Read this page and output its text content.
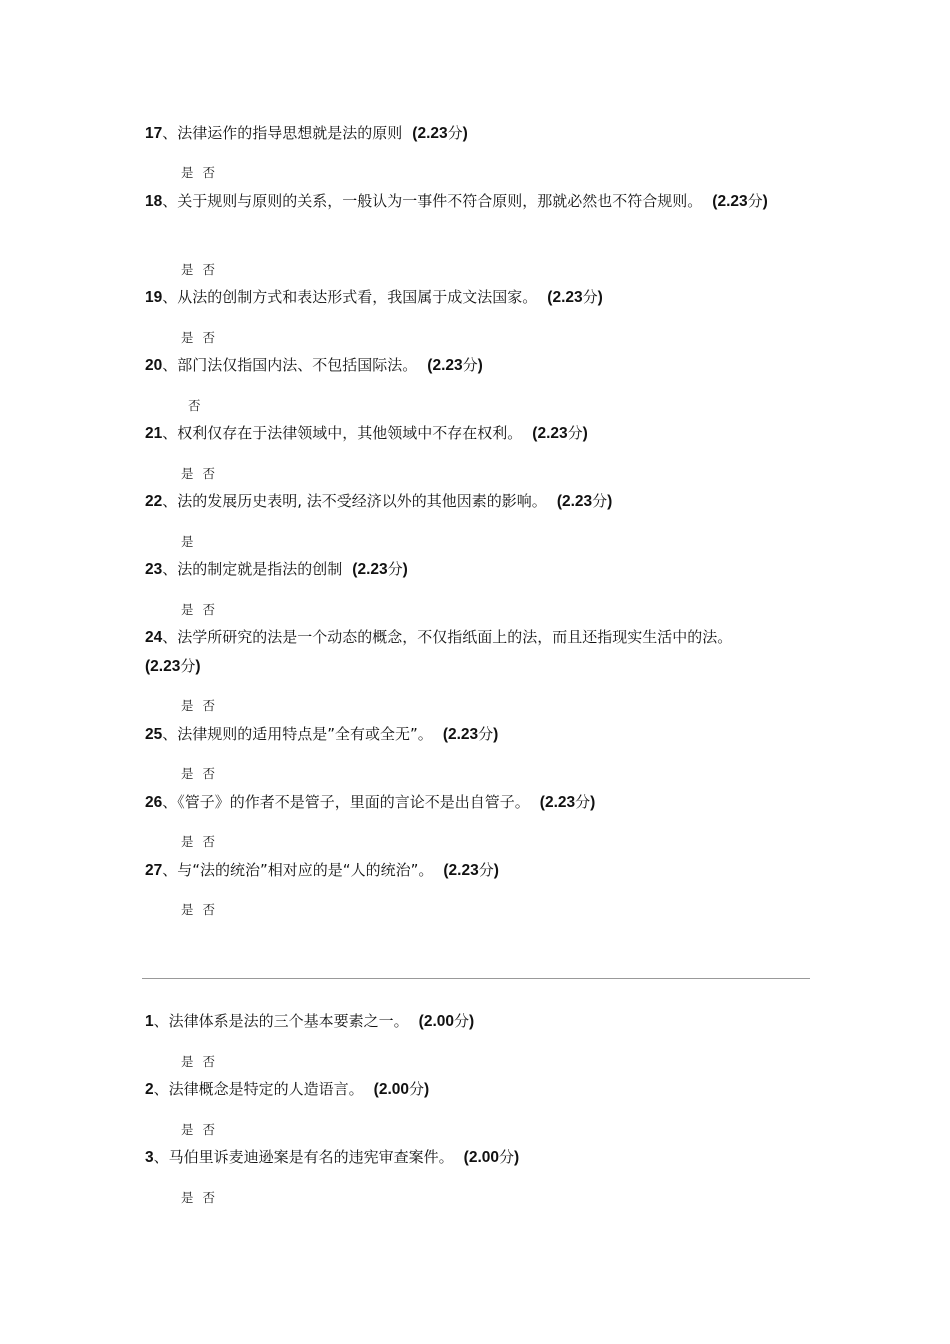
17、法律运作的指导思想就是法的原则 (2.23分)
是 否
18、关于规则与原则的关系，一般认为一事件不符合原则，那就必然也不符合规则。 (2.23分)
是 否
19、从法的创制方式和表达形式看，我国属于成文法国家。 (2.23分)
是 否
20、部门法仅指国内法、不包括国际法。 (2.23分)
否
21、权利仅存在于法律领域中，其他领域中不存在权利。 (2.23分)
是 否
22、法的发展历史表明, 法不受经济以外的其他因素的影响。 (2.23分)
是
23、法的制定就是指法的创制 (2.23分)
是 否
24、法学所研究的法是一个动态的概念，不仅指纸面上的法，而且还指现实生活中的法。
(2.23分)
是 否
25、法律规则的适用特点是”全有或全无”。 (2.23分)
是 否
26、《管子》的作者不是管子，里面的言论不是出自管子。 (2.23分)
是 否
27、与“法的统治”相对应的是“人的统治”。 (2.23分)
是 否
1、法律体系是法的三个基本要素之一。 (2.00分)
是 否
2、法律概念是特定的人造语言。 (2.00分)
是 否
3、马伯里诉麦迪逊案是有名的违宪审查案件。 (2.00分)
是 否
